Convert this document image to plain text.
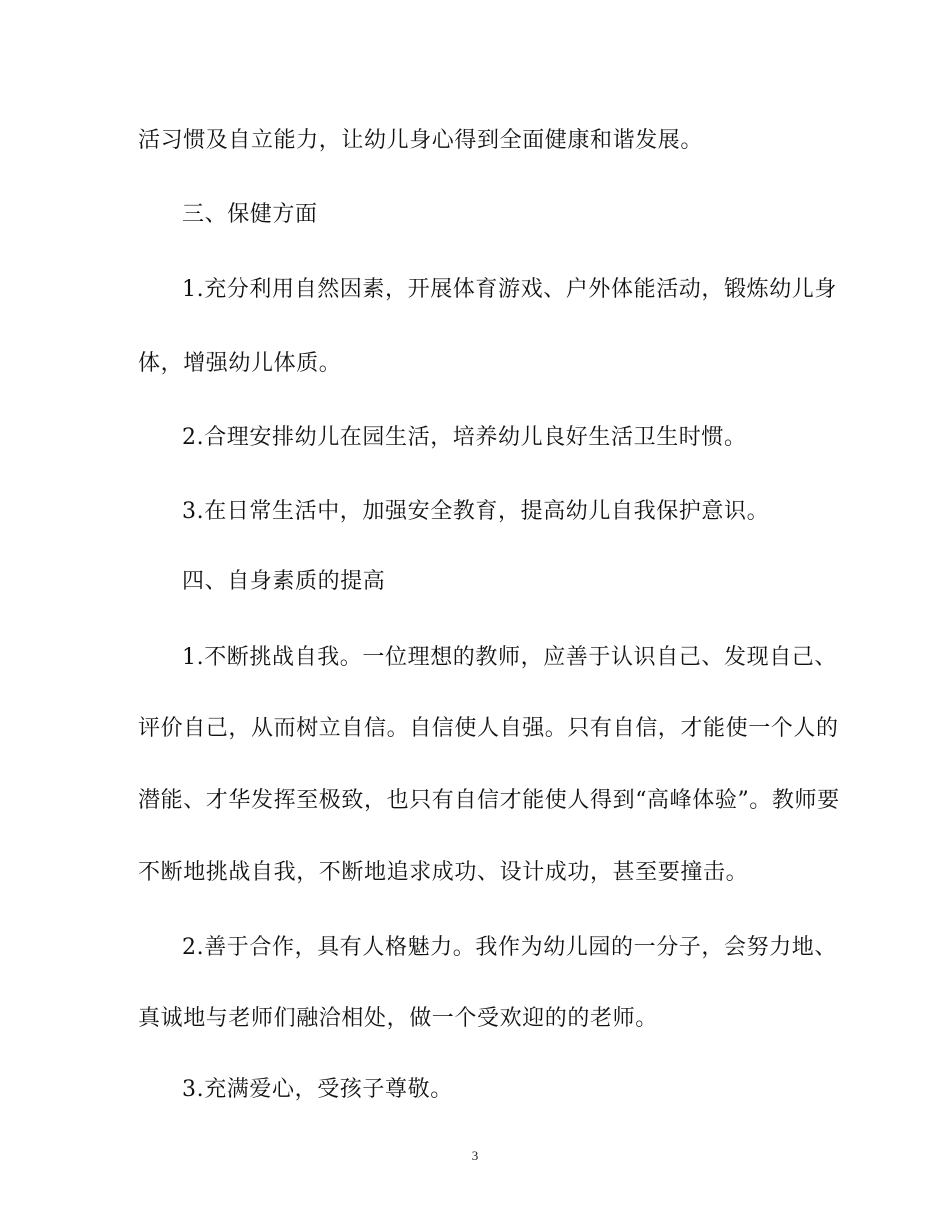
活习惯及自立能力，让幼儿身心得到全面健康和谐发展。
三、保健方面
1.充分利用自然因素，开展体育游戏、户外体能活动，锻炼幼儿身
体，增强幼儿体质。
2.合理安排幼儿在园生活，培养幼儿良好生活卫生时惯。
3.在日常生活中，加强安全教育，提高幼儿自我保护意识。
四、自身素质的提高
1.不断挑战自我。一位理想的教师，应善于认识自己、发现自己、
评价自己，从而树立自信。自信使人自强。只有自信，才能使一个人的
潜能、才华发挥至极致，也只有自信才能使人得到“高峰体验”。教师要
不断地挑战自我，不断地追求成功、设计成功，甚至要撞击。
2.善于合作，具有人格魅力。我作为幼儿园的一分子，会努力地、
真诚地与老师们融洽相处，做一个受欢迎的的老师。
3.充满爱心，受孩子尊敬。
3
